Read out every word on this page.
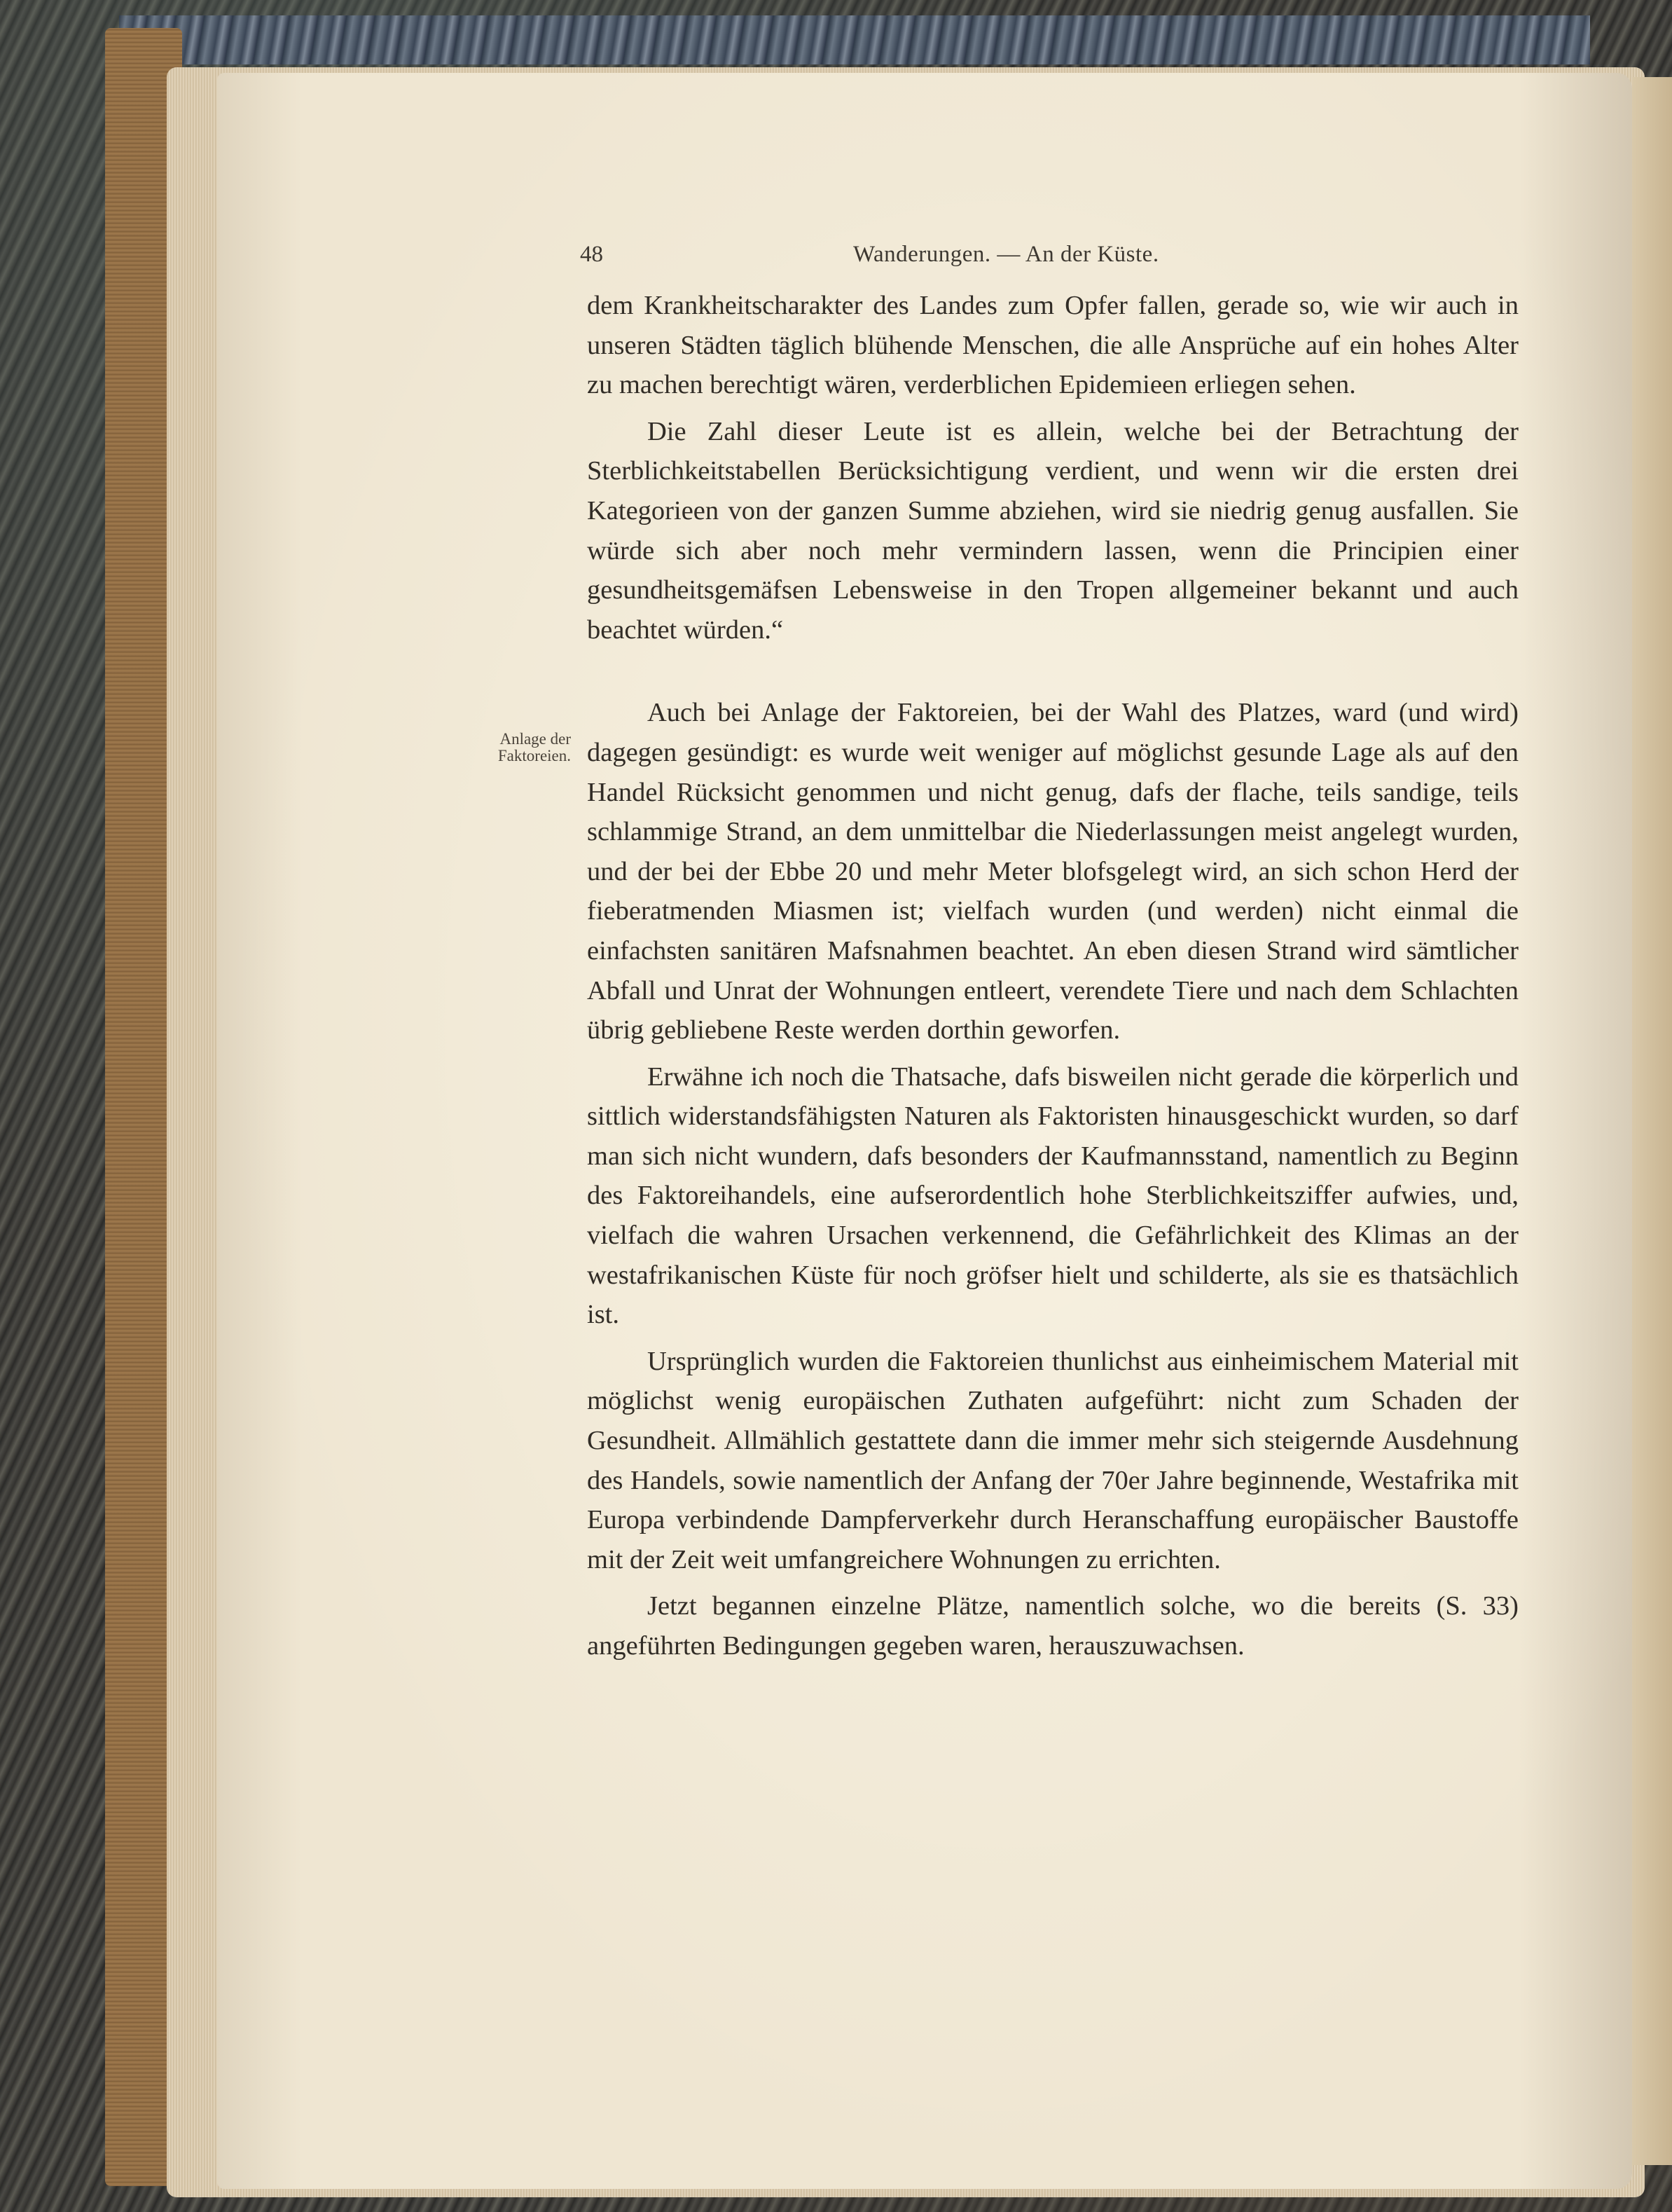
48	Wanderungen. — An der Küste.
Anlage der
Faktoreien.

dem Krankheitscharakter des Landes zum Opfer fallen, gerade so, wie wir auch in unseren Städten täglich blühende Menschen, die alle Ansprüche auf ein hohes Alter zu machen berechtigt wären, verderblichen Epidemieen erliegen sehen.

Die Zahl dieser Leute ist es allein, welche bei der Betrachtung der Sterblichkeitstabellen Berücksichtigung verdient, und wenn wir die ersten drei Kategorieen von der ganzen Summe abziehen, wird sie niedrig genug ausfallen. Sie würde sich aber noch mehr vermindern lassen, wenn die Principien einer gesundheitsgemäfsen Lebensweise in den Tropen allgemeiner bekannt und auch beachtet würden.“

Auch bei Anlage der Faktoreien, bei der Wahl des Platzes, ward (und wird) dagegen gesündigt: es wurde weit weniger auf möglichst gesunde Lage als auf den Handel Rücksicht genommen und nicht genug, dafs der flache, teils sandige, teils schlammige Strand, an dem unmittelbar die Niederlassungen meist angelegt wurden, und der bei der Ebbe 20 und mehr Meter blofsgelegt wird, an sich schon Herd der fieberatmenden Miasmen ist; vielfach wurden (und werden) nicht einmal die einfachsten sanitären Mafsnahmen beachtet. An eben diesen Strand wird sämtlicher Abfall und Unrat der Wohnungen entleert, verendete Tiere und nach dem Schlachten übrig gebliebene Reste werden dorthin geworfen.

Erwähne ich noch die Thatsache, dafs bisweilen nicht gerade die körperlich und sittlich widerstandsfähigsten Naturen als Faktoristen hinausgeschickt wurden, so darf man sich nicht wundern, dafs besonders der Kaufmannsstand, namentlich zu Beginn des Faktoreihandels, eine aufserordentlich hohe Sterblichkeitsziffer aufwies, und, vielfach die wahren Ursachen verkennend, die Gefährlichkeit des Klimas an der westafrikanischen Küste für noch gröfser hielt und schilderte, als sie es thatsächlich ist.

Ursprünglich wurden die Faktoreien thunlichst aus einheimischem Material mit möglichst wenig europäischen Zuthaten aufgeführt: nicht zum Schaden der Gesundheit. Allmählich gestattete dann die immer mehr sich steigernde Ausdehnung des Handels, sowie namentlich der Anfang der 70er Jahre beginnende, Westafrika mit Europa verbindende Dampferverkehr durch Heranschaffung europäischer Baustoffe mit der Zeit weit umfangreichere Wohnungen zu errichten.

Jetzt begannen einzelne Plätze, namentlich solche, wo die bereits (S. 33) angeführten Bedingungen gegeben waren, herauszuwachsen.
